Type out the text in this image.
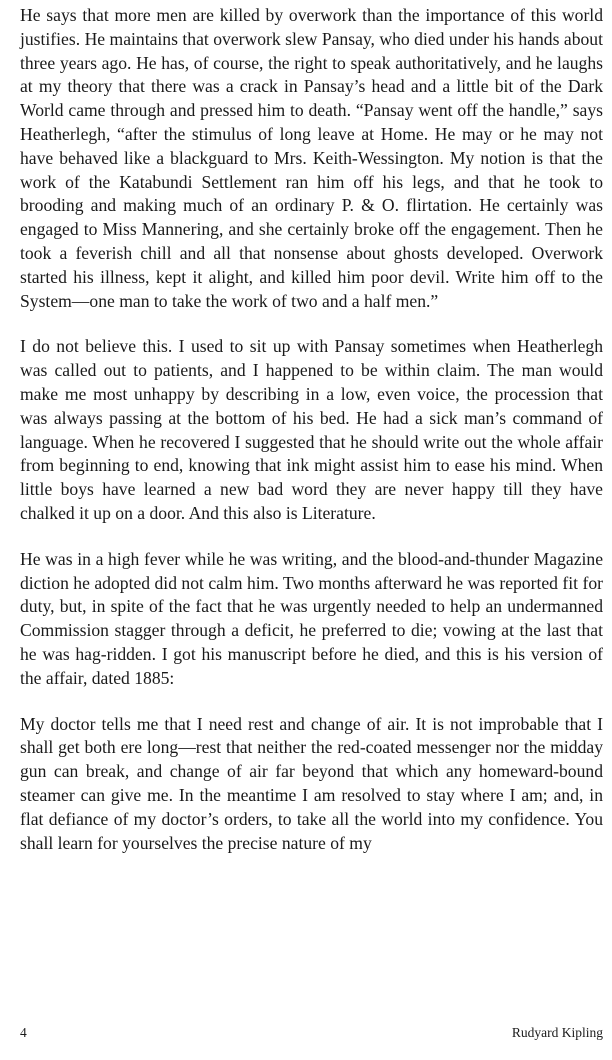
He says that more men are killed by overwork than the importance of this world justifies. He maintains that overwork slew Pansay, who died under his hands about three years ago. He has, of course, the right to speak authoritatively, and he laughs at my theory that there was a crack in Pansay’s head and a little bit of the Dark World came through and pressed him to death. “Pansay went off the handle,” says Heatherlegh, “after the stimulus of long leave at Home. He may or he may not have behaved like a blackguard to Mrs. Keith-Wessington. My notion is that the work of the Katabundi Settlement ran him off his legs, and that he took to brooding and making much of an ordinary P. & O. flirtation. He certainly was engaged to Miss Mannering, and she certainly broke off the engagement. Then he took a feverish chill and all that nonsense about ghosts developed. Overwork started his illness, kept it alight, and killed him poor devil. Write him off to the System—one man to take the work of two and a half men.”

I do not believe this. I used to sit up with Pansay sometimes when Heatherlegh was called out to patients, and I happened to be within claim. The man would make me most unhappy by describing in a low, even voice, the procession that was always passing at the bottom of his bed. He had a sick man’s command of language. When he recovered I suggested that he should write out the whole affair from beginning to end, knowing that ink might assist him to ease his mind. When little boys have learned a new bad word they are never happy till they have chalked it up on a door. And this also is Literature.

He was in a high fever while he was writing, and the blood-and-thunder Magazine diction he adopted did not calm him. Two months afterward he was reported fit for duty, but, in spite of the fact that he was urgently needed to help an undermanned Commission stagger through a deficit, he preferred to die; vowing at the last that he was hag-ridden. I got his manuscript before he died, and this is his version of the affair, dated 1885:

My doctor tells me that I need rest and change of air. It is not improbable that I shall get both ere long—rest that neither the red-coated messenger nor the midday gun can break, and change of air far beyond that which any homeward-bound steamer can give me. In the meantime I am resolved to stay where I am; and, in flat defiance of my doctor’s orders, to take all the world into my confidence. You shall learn for yourselves the precise nature of my

4	Rudyard Kipling
